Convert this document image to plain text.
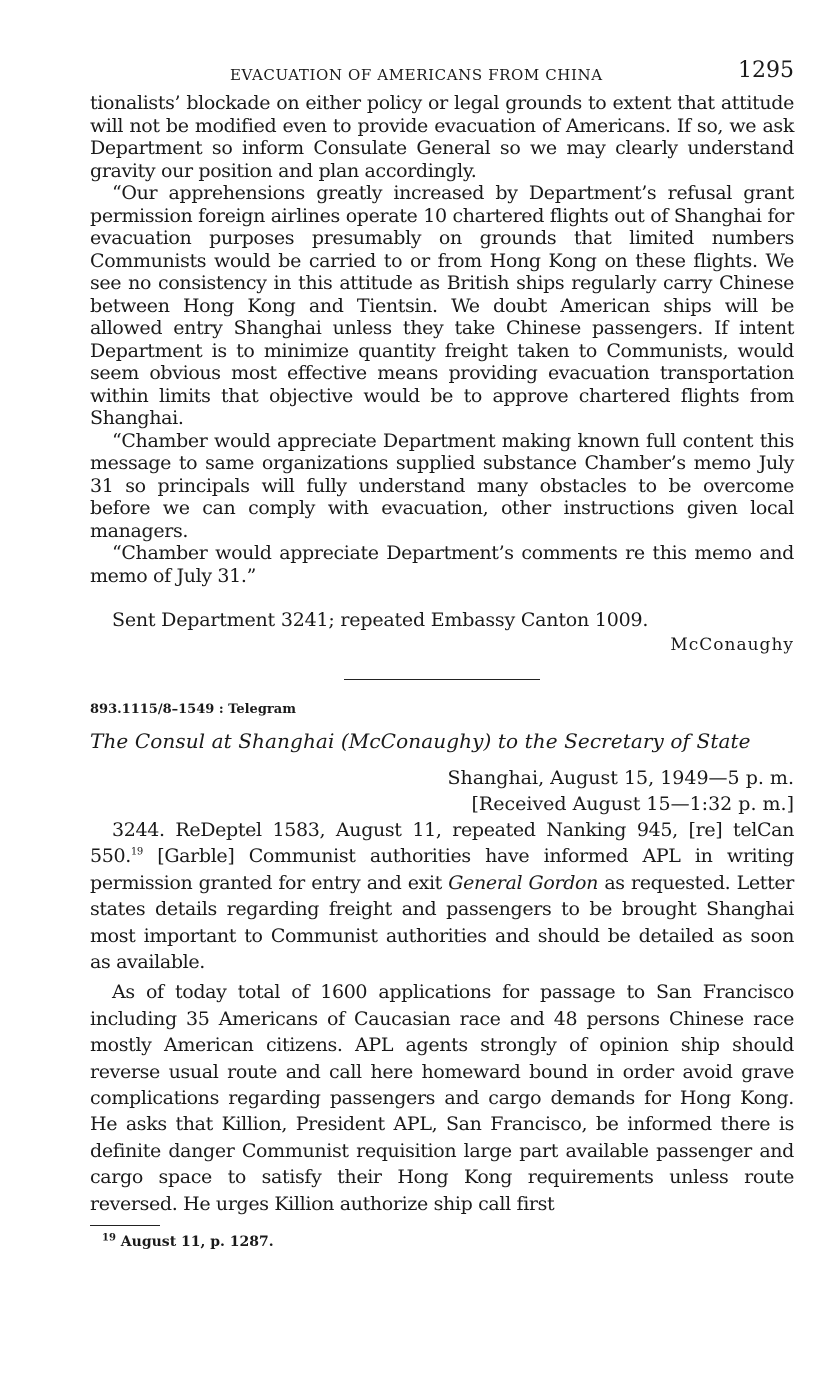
EVACUATION OF AMERICANS FROM CHINA	1295

tionalists’ blockade on either policy or legal grounds to extent that attitude will not be modified even to provide evacuation of Americans. If so, we ask Department so inform Consulate General so we may clearly understand gravity our position and plan accordingly.

“Our apprehensions greatly increased by Department’s refusal grant permission foreign airlines operate 10 chartered flights out of Shanghai for evacuation purposes presumably on grounds that limited numbers Communists would be carried to or from Hong Kong on these flights. We see no consistency in this attitude as British ships regularly carry Chinese between Hong Kong and Tientsin. We doubt American ships will be allowed entry Shanghai unless they take Chinese passengers. If intent Department is to minimize quantity freight taken to Communists, would seem obvious most effective means providing evacuation transportation within limits that objective would be to approve chartered flights from Shanghai.

“Chamber would appreciate Department making known full content this message to same organizations supplied substance Chamber’s memo July 31 so principals will fully understand many obstacles to be overcome before we can comply with evacuation, other instructions given local managers.

“Chamber would appreciate Department’s comments re this memo and memo of July 31.”

Sent Department 3241; repeated Embassy Canton 1009.
McConaughy
893.1115/8–1549 : Telegram
The Consul at Shanghai (McConaughy) to the Secretary of State
Shanghai, August 15, 1949—5 p. m.
[Received August 15—1:32 p. m.]

3244. ReDeptel 1583, August 11, repeated Nanking 945, [re] telCan 550.19 [Garble] Communist authorities have informed APL in writing permission granted for entry and exit General Gordon as requested. Letter states details regarding freight and passengers to be brought Shanghai most important to Communist authorities and should be detailed as soon as available.

As of today total of 1600 applications for passage to San Francisco including 35 Americans of Caucasian race and 48 persons Chinese race mostly American citizens. APL agents strongly of opinion ship should reverse usual route and call here homeward bound in order avoid grave complications regarding passengers and cargo demands for Hong Kong. He asks that Killion, President APL, San Francisco, be informed there is definite danger Communist requisition large part available passenger and cargo space to satisfy their Hong Kong requirements unless route reversed. He urges Killion authorize ship call first

$^{19}$ August 11, p. 1287.
